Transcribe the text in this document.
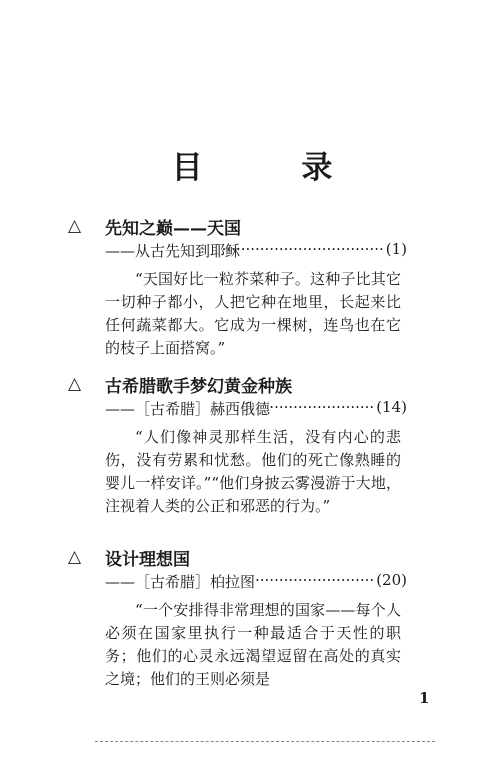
目 录
△ 先知之巅——天国
——从古先知到耶稣
·································· (1)
“天国好比一粒芥菜种子。这种子比其它一切种子都小，人把它种在地里，长起来比任何蔬菜都大。它成为一棵树，连鸟也在它的枝子上面搭窝。”
△ 古希腊歌手梦幻黄金种族
——［古希腊］赫西俄德 ······················ (14)
“人们像神灵那样生活，没有内心的悲伤，没有劳累和忧愁。他们的死亡像熟睡的婴儿一样安详。”“他们身披云雾漫游于大地，注视着人类的公正和邪恶的行为。”
△ 设计理想国
——［古希腊］柏拉图 ························· (20)
“一个安排得非常理想的国家——每个人必须在国家里执行一种最适合于天性的职务；他们的心灵永远渴望逗留在高处的真实之境；他们的王则必须是
1
